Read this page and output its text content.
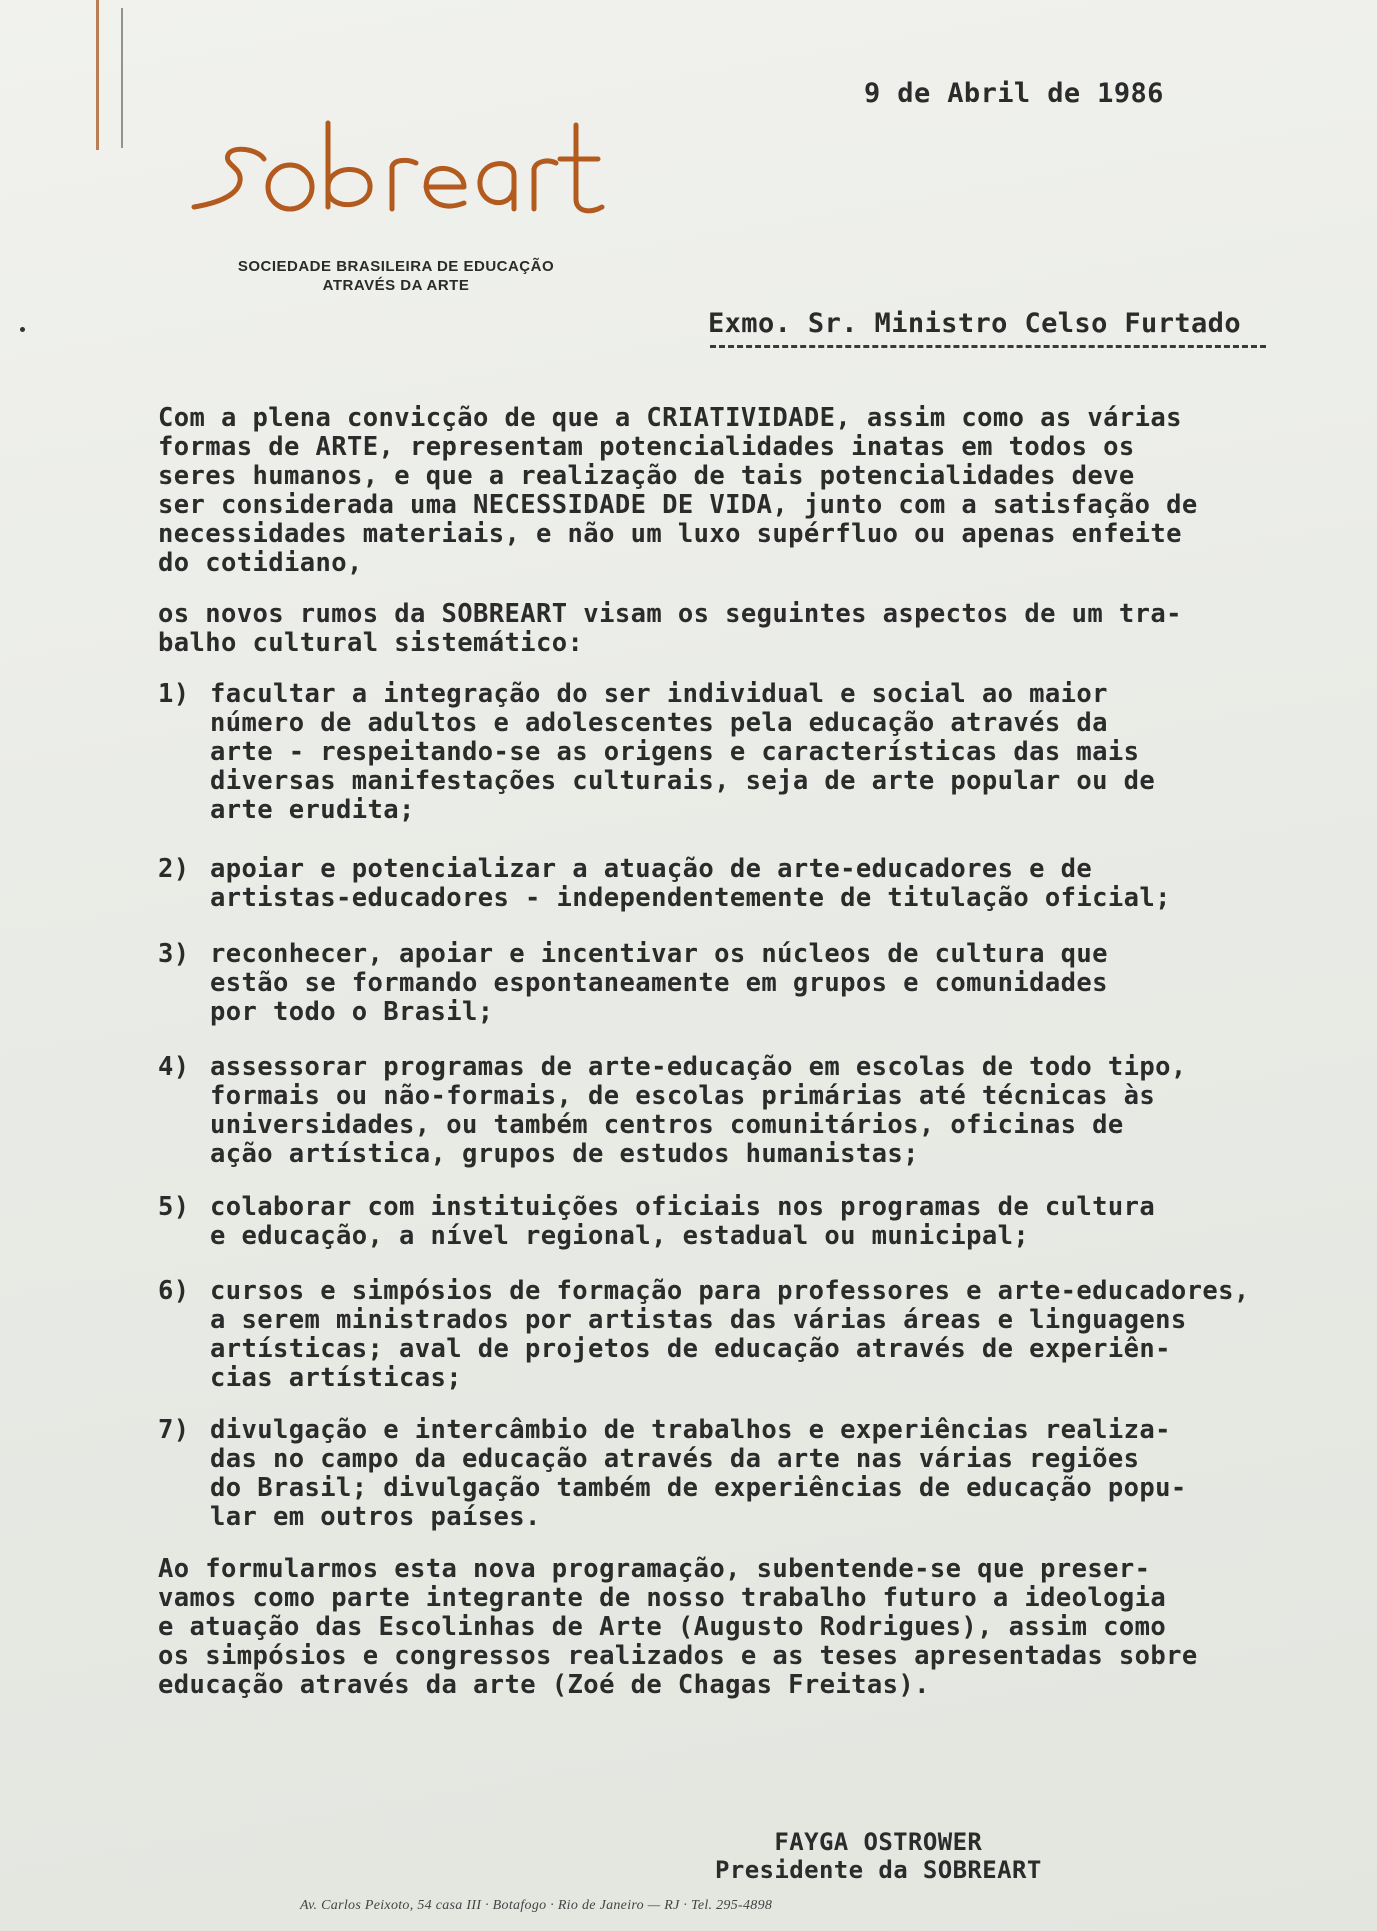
9 de Abril de 1986
SOCIEDADE BRASILEIRA DE EDUCAÇÃO
ATRAVÉS DA ARTE
Exmo. Sr. Ministro Celso Furtado

Com a plena convicção de que a CRIATIVIDADE, assim como as várias
formas de ARTE, representam potencialidades inatas em todos os
seres humanos, e que a realização de tais potencialidades deve
ser considerada uma NECESSIDADE DE VIDA, junto com a satisfação de
necessidades materiais, e não um luxo supérfluo ou apenas enfeite
do cotidiano,

os novos rumos da SOBREART visam os seguintes aspectos de um tra-
balho cultural sistemático:

1) facultar a integração do ser individual e social ao maior
número de adultos e adolescentes pela educação através da
arte - respeitando-se as origens e características das mais
diversas manifestações culturais, seja de arte popular ou de
arte erudita;
2) apoiar e potencializar a atuação de arte-educadores e de
artistas-educadores - independentemente de titulação oficial;
3) reconhecer, apoiar e incentivar os núcleos de cultura que
estão se formando espontaneamente em grupos e comunidades
por todo o Brasil;
4) assessorar programas de arte-educação em escolas de todo tipo,
formais ou não-formais, de escolas primárias até técnicas às
universidades, ou também centros comunitários, oficinas de
ação artística, grupos de estudos humanistas;
5) colaborar com instituições oficiais nos programas de cultura
e educação, a nível regional, estadual ou municipal;
6) cursos e simpósios de formação para professores e arte-educadores,
a serem ministrados por artistas das várias áreas e linguagens
artísticas; aval de projetos de educação através de experiên-
cias artísticas;
7) divulgação e intercâmbio de trabalhos e experiências realiza-
das no campo da educação através da arte nas várias regiões
do Brasil; divulgação também de experiências de educação popu-
lar em outros países.
Ao formularmos esta nova programação, subentende-se que preser-
vamos como parte integrante de nosso trabalho futuro a ideologia
e atuação das Escolinhas de Arte (Augusto Rodrigues), assim como
os simpósios e congressos realizados e as teses apresentadas sobre
educação através da arte (Zoé de Chagas Freitas).
FAYGA OSTROWER
Presidente da SOBREART
Av. Carlos Peixoto, 54 casa III · Botafogo · Rio de Janeiro — RJ · Tel. 295-4898
